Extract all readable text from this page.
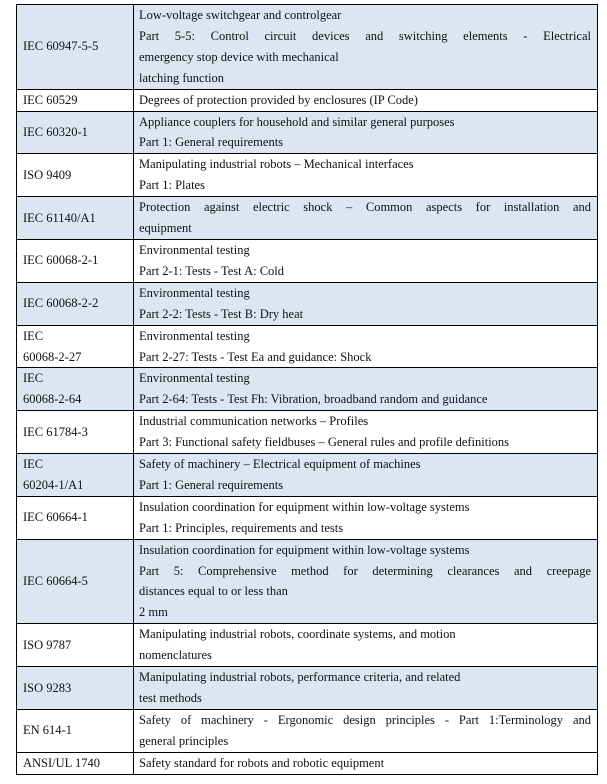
IEC 60947-5-5	Low-voltage switchgear and controlgear
Part 5-5: Control circuit devices and switching elements - Electrical
emergency stop device with mechanical
latching function

IEC 60529	Degrees of protection provided by enclosures (IP Code)

IEC 60320-1	Appliance couplers for household and similar general purposes
Part 1: General requirements

ISO 9409	Manipulating industrial robots – Mechanical interfaces
Part 1: Plates

IEC 61140/A1	Protection against electric shock – Common aspects for installation and
equipment

IEC 60068-2-1	Environmental testing
Part 2-1: Tests - Test A: Cold

IEC 60068-2-2	Environmental testing
Part 2-2: Tests - Test B: Dry heat

IEC
60068-2-27	Environmental testing
Part 2-27: Tests - Test Ea and guidance: Shock

IEC
60068-2-64	Environmental testing
Part 2-64: Tests - Test Fh: Vibration, broadband random and guidance

IEC 61784-3	Industrial communication networks – Profiles
Part 3: Functional safety fieldbuses – General rules and profile definitions

IEC
60204-1/A1	Safety of machinery – Electrical equipment of machines
Part 1: General requirements

IEC 60664-1	Insulation coordination for equipment within low-voltage systems
Part 1: Principles, requirements and tests

IEC 60664-5	Insulation coordination for equipment within low-voltage systems
Part 5: Comprehensive method for determining clearances and creepage
distances equal to or less than
2 mm

ISO 9787	Manipulating industrial robots, coordinate systems, and motion
nomenclatures

ISO 9283	Manipulating industrial robots, performance criteria, and related
test methods

EN 614-1	Safety of machinery - Ergonomic design principles - Part 1:Terminology and
general principles

ANSI/UL 1740	Safety standard for robots and robotic equipment
